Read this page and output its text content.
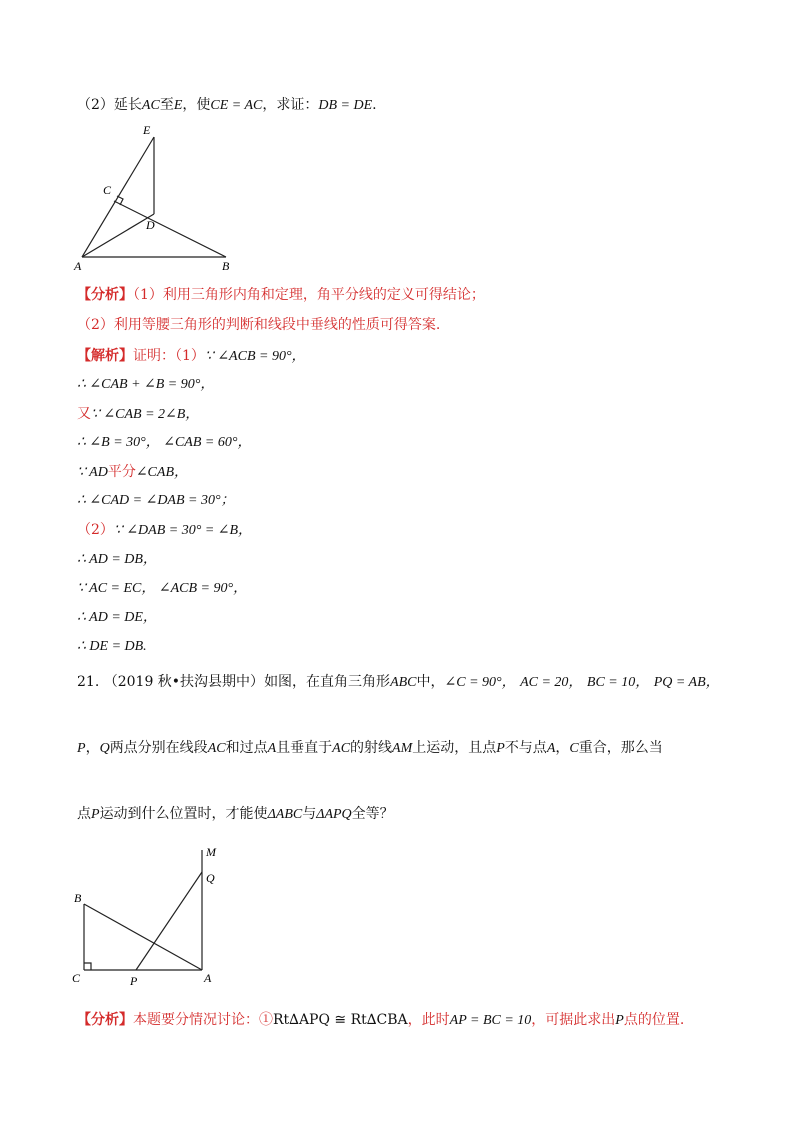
（2）延长AC至E，使CE = AC，求证：DB = DE.
E
C
D
A	B
【分析】（1）利用三角形内角和定理，角平分线的定义可得结论；
（2）利用等腰三角形的判断和线段中垂线的性质可得答案.
【解析】证明：（1）∵ ∠ACB = 90°，
∴ ∠CAB + ∠B = 90°，
又∵ ∠CAB = 2∠B，
∴ ∠B = 30°， ∠CAB = 60°，
∵ AD平分∠CAB，
∴ ∠CAD = ∠DAB = 30°；
（2）∵ ∠DAB = 30° = ∠B，
∴ AD = DB，
∵ AC = EC， ∠ACB = 90°，
∴ AD = DE，
∴ DE = DB.
21. （2019 秋•扶沟县期中）如图，在直角三角形ABC中，∠C = 90°， AC = 20， BC = 10， PQ = AB，
P，Q两点分别在线段AC和过点A且垂直于AC的射线AM上运动，且点P不与点A，C重合，那么当
点P运动到什么位置时，才能使ΔABC与ΔAPQ全等？
M
Q
B
C	P	A
【分析】本题要分情况讨论：①Rt∆APQ ≅ Rt∆CBA，此时AP = BC = 10，可据此求出P点的位置.
